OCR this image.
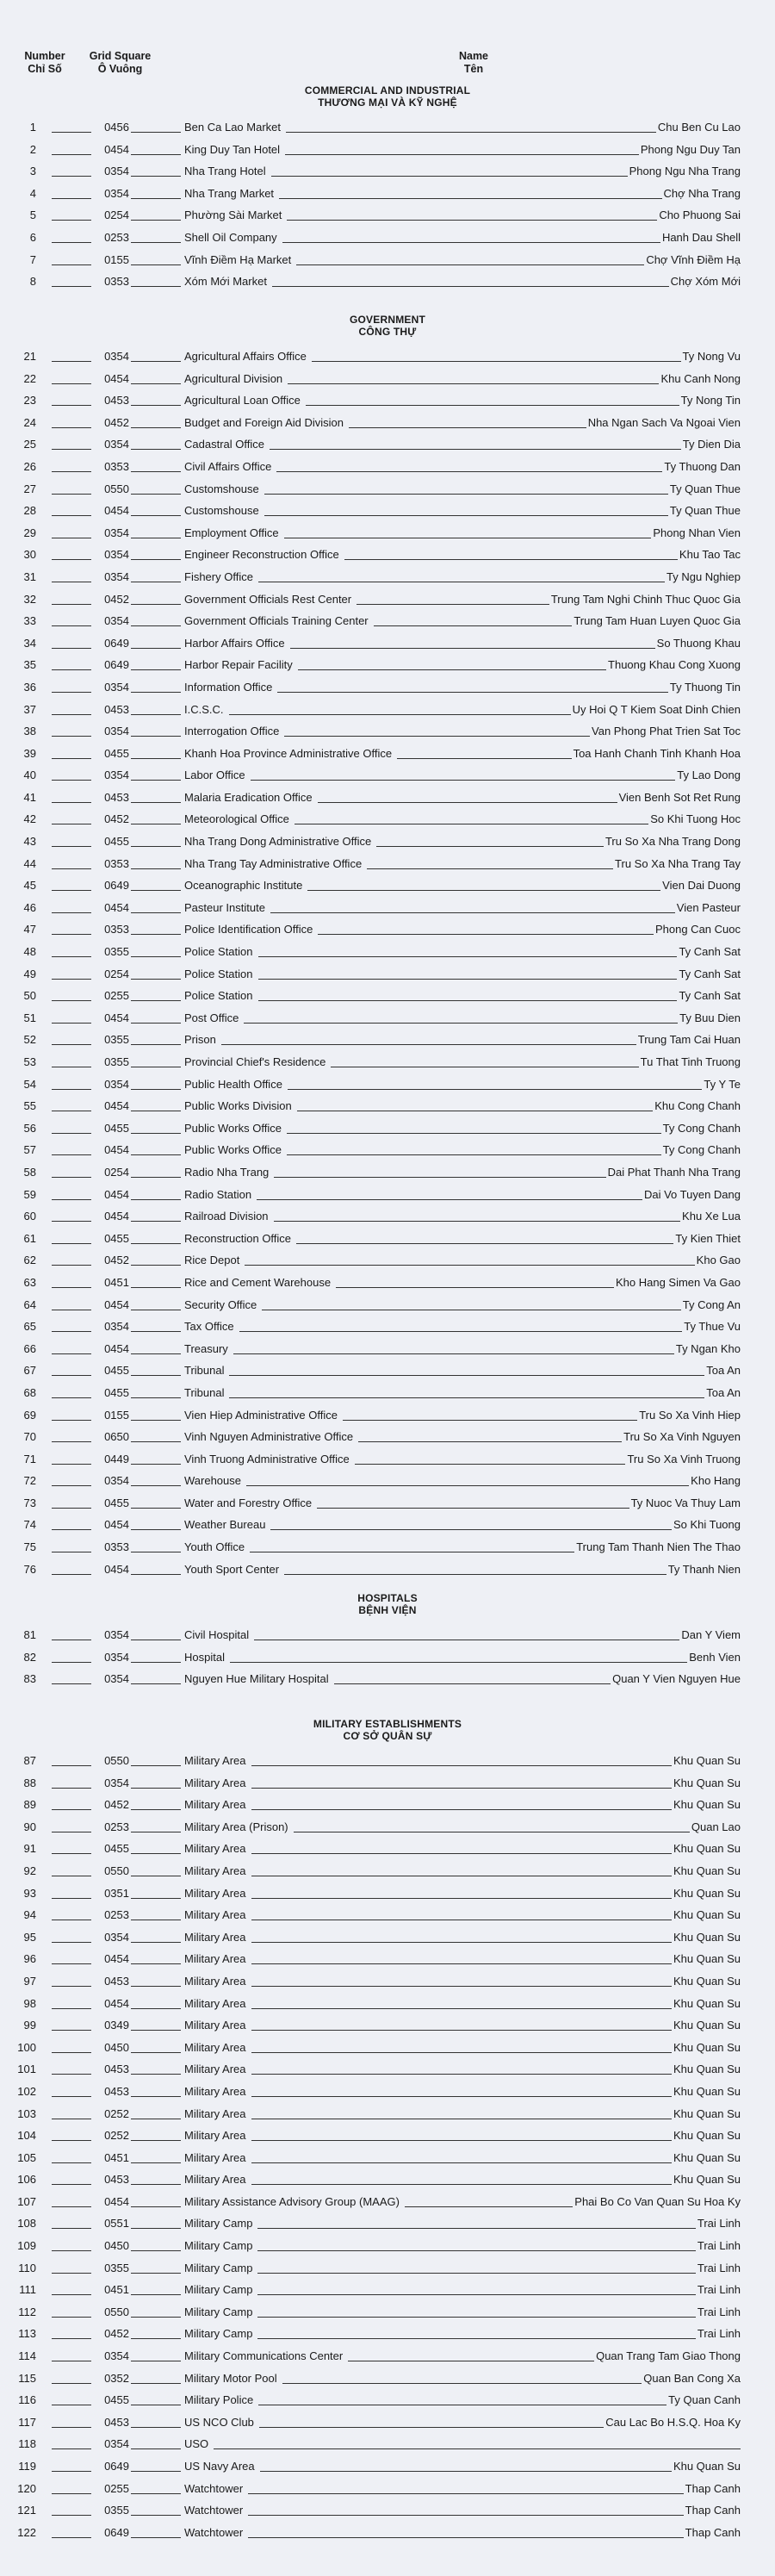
Number
Chỉ Số
Grid Square
Ô Vuông
Name
Tên
COMMERCIAL AND INDUSTRIAL
THƯƠNG MẠI VÀ KỸ NGHỆ
1	0456	Ben Ca Lao Market	Chu Ben Cu Lao
2	0454	King Duy Tan Hotel	Phong Ngu Duy Tan
3	0354	Nha Trang Hotel	Phong Ngu Nha Trang
4	0354	Nha Trang Market	Chợ Nha Trang
5	0254	Phường Sài Market	Cho Phuong Sai
6	0253	Shell Oil Company	Hanh Dau Shell
7	0155	Vĩnh Điềm Hạ Market	Chợ Vĩnh Điềm Hạ
8	0353	Xóm Mới Market	Chợ Xóm Mới
GOVERNMENT
CÔNG THỰ
21	0354	Agricultural Affairs Office	Ty Nong Vu
22	0454	Agricultural Division	Khu Canh Nong
23	0453	Agricultural Loan Office	Ty Nong Tin
24	0452	Budget and Foreign Aid Division	Nha Ngan Sach Va Ngoai Vien
25	0354	Cadastral Office	Ty Dien Dia
26	0353	Civil Affairs Office	Ty Thuong Dan
27	0550	Customshouse	Ty Quan Thue
28	0454	Customshouse	Ty Quan Thue
29	0354	Employment Office	Phong Nhan Vien
30	0354	Engineer Reconstruction Office	Khu Tao Tac
31	0354	Fishery Office	Ty Ngu Nghiep
32	0452	Government Officials Rest Center	Trung Tam Nghi Chinh Thuc Quoc Gia
33	0354	Government Officials Training Center	Trung Tam Huan Luyen Quoc Gia
34	0649	Harbor Affairs Office	So Thuong Khau
35	0649	Harbor Repair Facility	Thuong Khau Cong Xuong
36	0354	Information Office	Ty Thuong Tin
37	0453	I.C.S.C.	Uy Hoi Q T Kiem Soat Dinh Chien
38	0354	Interrogation Office	Van Phong Phat Trien Sat Toc
39	0455	Khanh Hoa Province Administrative Office	Toa Hanh Chanh Tinh Khanh Hoa
40	0354	Labor Office	Ty Lao Dong
41	0453	Malaria Eradication Office	Vien Benh Sot Ret Rung
42	0452	Meteorological Office	So Khi Tuong Hoc
43	0455	Nha Trang Dong Administrative Office	Tru So Xa Nha Trang Dong
44	0353	Nha Trang Tay Administrative Office	Tru So Xa Nha Trang Tay
45	0649	Oceanographic Institute	Vien Dai Duong
46	0454	Pasteur Institute	Vien Pasteur
47	0353	Police Identification Office	Phong Can Cuoc
48	0355	Police Station	Ty Canh Sat
49	0254	Police Station	Ty Canh Sat
50	0255	Police Station	Ty Canh Sat
51	0454	Post Office	Ty Buu Dien
52	0355	Prison	Trung Tam Cai Huan
53	0355	Provincial Chief's Residence	Tu That Tinh Truong
54	0354	Public Health Office	Ty Y Te
55	0454	Public Works Division	Khu Cong Chanh
56	0455	Public Works Office	Ty Cong Chanh
57	0454	Public Works Office	Ty Cong Chanh
58	0254	Radio Nha Trang	Dai Phat Thanh Nha Trang
59	0454	Radio Station	Dai Vo Tuyen Dang
60	0454	Railroad Division	Khu Xe Lua
61	0455	Reconstruction Office	Ty Kien Thiet
62	0452	Rice Depot	Kho Gao
63	0451	Rice and Cement Warehouse	Kho Hang Simen Va Gao
64	0454	Security Office	Ty Cong An
65	0354	Tax Office	Ty Thue Vu
66	0454	Treasury	Ty Ngan Kho
67	0455	Tribunal	Toa An
68	0455	Tribunal	Toa An
69	0155	Vien Hiep Administrative Office	Tru So Xa Vinh Hiep
70	0650	Vinh Nguyen Administrative Office	Tru So Xa Vinh Nguyen
71	0449	Vinh Truong Administrative Office	Tru So Xa Vinh Truong
72	0354	Warehouse	Kho Hang
73	0455	Water and Forestry Office	Ty Nuoc Va Thuy Lam
74	0454	Weather Bureau	So Khi Tuong
75	0353	Youth Office	Trung Tam Thanh Nien The Thao
76	0454	Youth Sport Center	Ty Thanh Nien
HOSPITALS
BỆNH VIỆN
81	0354	Civil Hospital	Dan Y Viem
82	0354	Hospital	Benh Vien
83	0354	Nguyen Hue Military Hospital	Quan Y Vien Nguyen Hue
MILITARY ESTABLISHMENTS
CƠ SỞ QUÂN SỰ
87	0550	Military Area	Khu Quan Su
88	0354	Military Area	Khu Quan Su
89	0452	Military Area	Khu Quan Su
90	0253	Military Area (Prison)	Quan Lao
91	0455	Military Area	Khu Quan Su
92	0550	Military Area	Khu Quan Su
93	0351	Military Area	Khu Quan Su
94	0253	Military Area	Khu Quan Su
95	0354	Military Area	Khu Quan Su
96	0454	Military Area	Khu Quan Su
97	0453	Military Area	Khu Quan Su
98	0454	Military Area	Khu Quan Su
99	0349	Military Area	Khu Quan Su
100	0450	Military Area	Khu Quan Su
101	0453	Military Area	Khu Quan Su
102	0453	Military Area	Khu Quan Su
103	0252	Military Area	Khu Quan Su
104	0252	Military Area	Khu Quan Su
105	0451	Military Area	Khu Quan Su
106	0453	Military Area	Khu Quan Su
107	0454	Military Assistance Advisory Group (MAAG)	Phai Bo Co Van Quan Su Hoa Ky
108	0551	Military Camp	Trai Linh
109	0450	Military Camp	Trai Linh
110	0355	Military Camp	Trai Linh
111	0451	Military Camp	Trai Linh
112	0550	Military Camp	Trai Linh
113	0452	Military Camp	Trai Linh
114	0354	Military Communications Center	Quan Trang Tam Giao Thong
115	0352	Military Motor Pool	Quan Ban Cong Xa
116	0455	Military Police	Ty Quan Canh
117	0453	US NCO Club	Cau Lac Bo H.S.Q. Hoa Ky
118	0354	USO
119	0649	US Navy Area	Khu Quan Su
120	0255	Watchtower	Thap Canh
121	0355	Watchtower	Thap Canh
122	0649	Watchtower	Thap Canh
